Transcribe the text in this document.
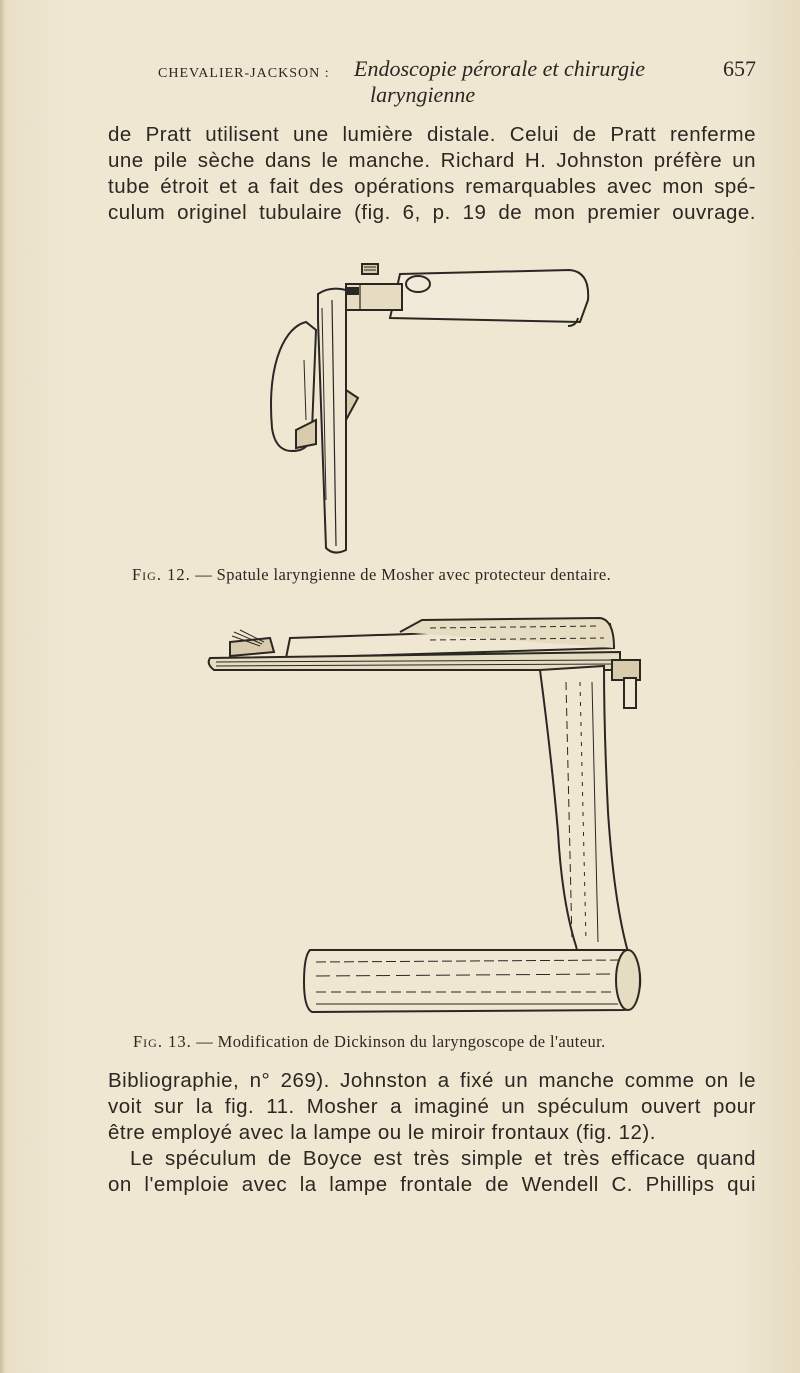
CHEVALIER-JACKSON : Endoscopie pérorale et chirurgie
laryngienne
657
de Pratt utilisent une lumière distale. Celui de Pratt renferme
une pile sèche dans le manche. Richard H. Johnston préfère un
tube étroit et a fait des opérations remarquables avec mon spé-
culum originel tubulaire (fig. 6, p. 19 de mon premier ouvrage.
Fig. 12. — Spatule laryngienne de Mosher avec protecteur dentaire.
Fig. 13. — Modification de Dickinson du laryngoscope de l'auteur.
Bibliographie, n° 269). Johnston a fixé un manche comme on le
voit sur la fig. 11. Mosher a imaginé un spéculum ouvert pour
être employé avec la lampe ou le miroir frontaux (fig. 12).
Le spéculum de Boyce est très simple et très efficace quand
on l'emploie avec la lampe frontale de Wendell C. Phillips qui
